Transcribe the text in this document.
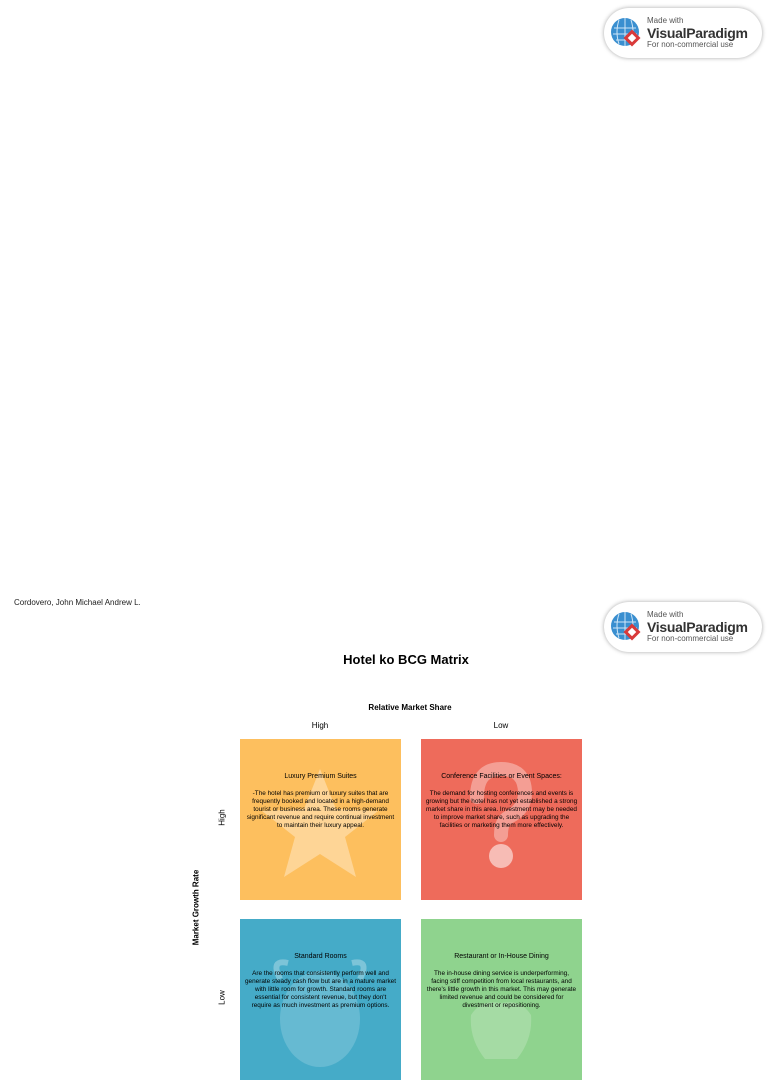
Made with
VisualParadigm
For non-commercial use
Cordovero, John Michael Andrew L.
Made with
VisualParadigm
For non-commercial use
Hotel ko BCG Matrix
Relative Market Share
High	Low
Market Growth Rate
High
Low
Luxury Premium Suites
-The hotel has premium or luxury suites that are frequently booked and located in a high-demand tourist or business area. These rooms generate significant revenue and require continual investment to maintain their luxury appeal.
Conference Facilities or Event Spaces:
The demand for hosting conferences and events is growing but the hotel has not yet established a strong market share in this area. Investment may be needed to improve market share, such as upgrading the facilities or marketing them more effectively.
Standard Rooms
Are the rooms that consistently perform well and generate steady cash flow but are in a mature market with little room for growth. Standard rooms are essential for consistent revenue, but they don't require as much investment as premium options.
Restaurant or In-House Dining
The in-house dining service is underperforming, facing stiff competition from local restaurants, and there's little growth in this market. This may generate limited revenue and could be considered for divestment or repositioning.
